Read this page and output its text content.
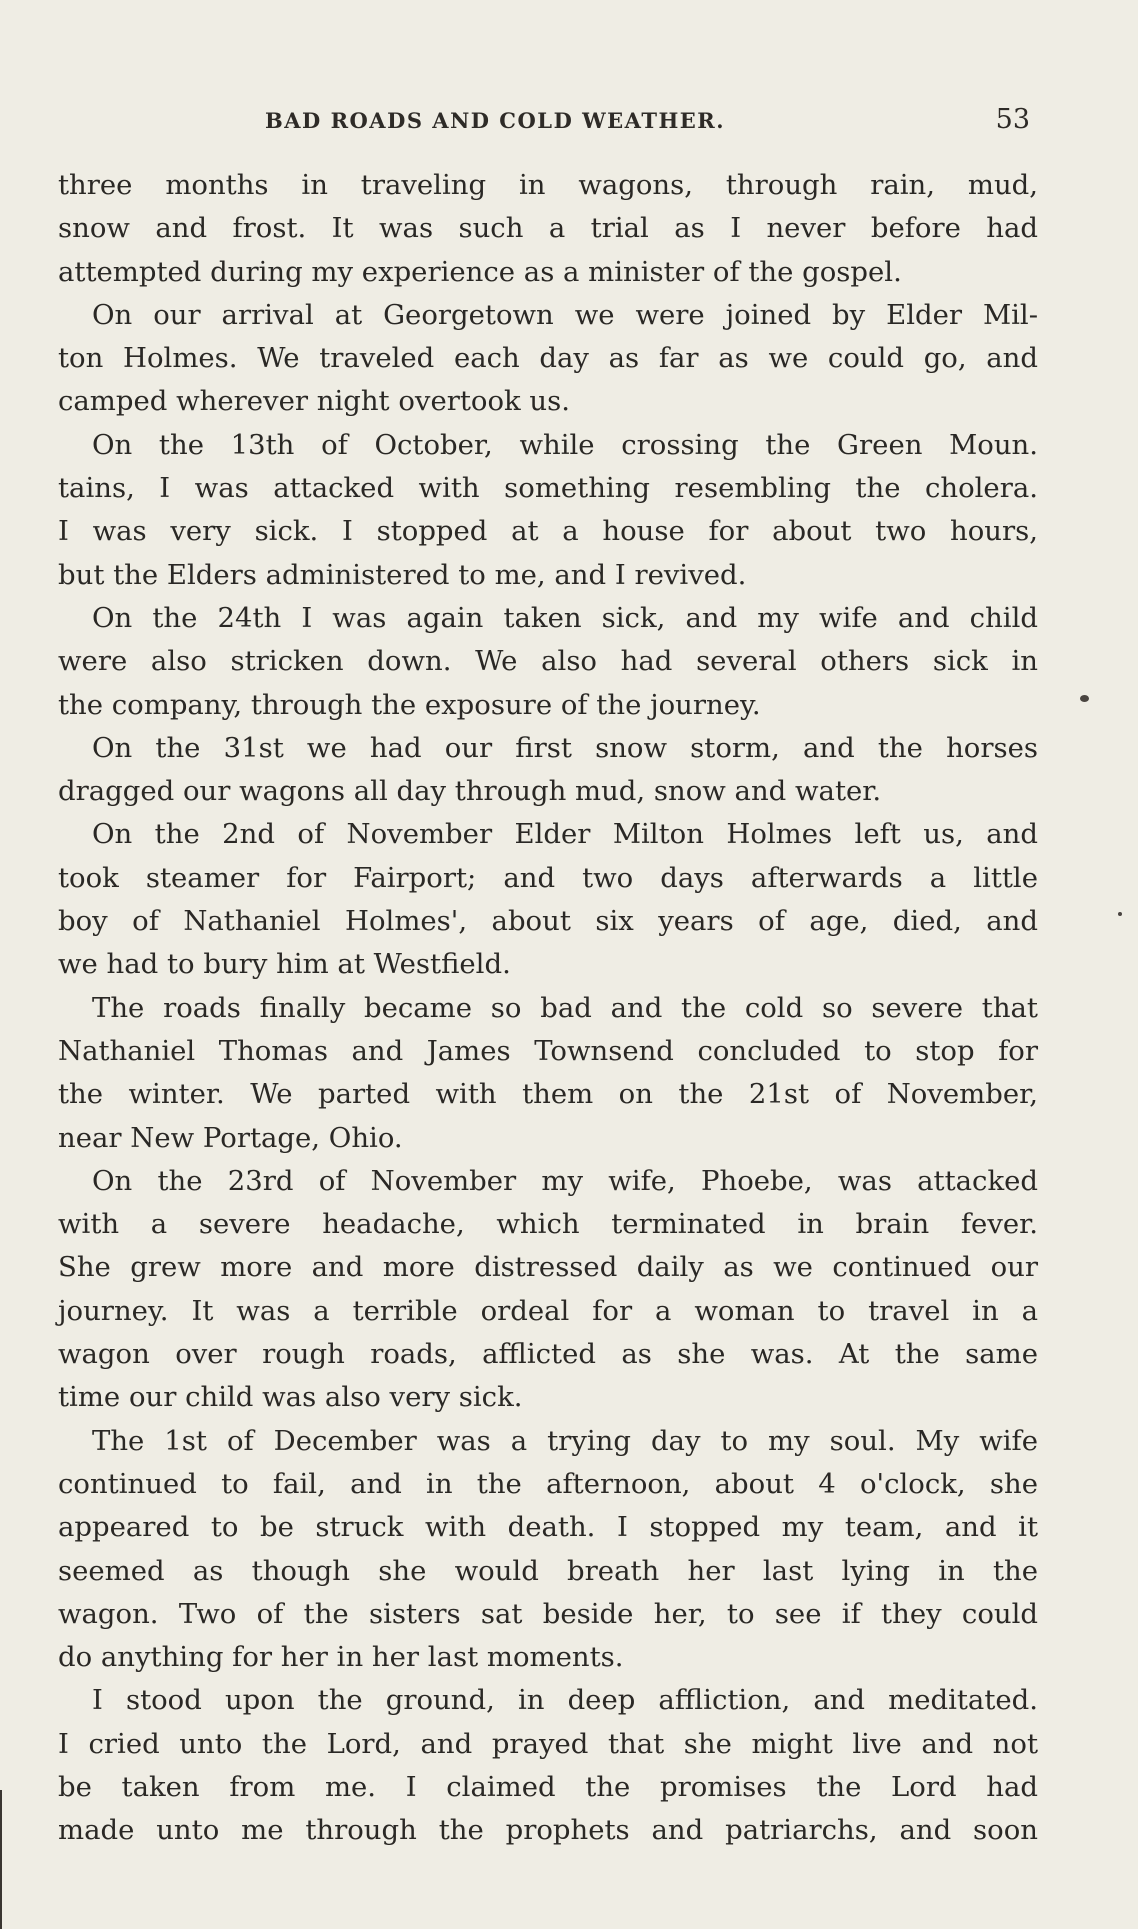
BAD ROADS AND COLD WEATHER.	53
three months in traveling in wagons, through rain, mud,
snow and frost. It was such a trial as I never before had
attempted during my experience as a minister of the gospel.
On our arrival at Georgetown we were joined by Elder Mil-
ton Holmes. We traveled each day as far as we could go, and
camped wherever night overtook us.
On the 13th of October, while crossing the Green Moun.
tains, I was attacked with something resembling the cholera.
I was very sick. I stopped at a house for about two hours,
but the Elders administered to me, and I revived.
On the 24th I was again taken sick, and my wife and child
were also stricken down. We also had several others sick in
the company, through the exposure of the journey.
On the 31st we had our first snow storm, and the horses
dragged our wagons all day through mud, snow and water.
On the 2nd of November Elder Milton Holmes left us, and
took steamer for Fairport; and two days afterwards a little
boy of Nathaniel Holmes', about six years of age, died, and
we had to bury him at Westfield.
The roads finally became so bad and the cold so severe that
Nathaniel Thomas and James Townsend concluded to stop for
the winter. We parted with them on the 21st of November,
near New Portage, Ohio.
On the 23rd of November my wife, Phoebe, was attacked
with a severe headache, which terminated in brain fever.
She grew more and more distressed daily as we continued our
journey. It was a terrible ordeal for a woman to travel in a
wagon over rough roads, afflicted as she was. At the same
time our child was also very sick.
The 1st of December was a trying day to my soul. My wife
continued to fail, and in the afternoon, about 4 o'clock, she
appeared to be struck with death. I stopped my team, and it
seemed as though she would breath her last lying in the
wagon. Two of the sisters sat beside her, to see if they could
do anything for her in her last moments.
I stood upon the ground, in deep affliction, and meditated.
I cried unto the Lord, and prayed that she might live and not
be taken from me. I claimed the promises the Lord had
made unto me through the prophets and patriarchs, and soon
